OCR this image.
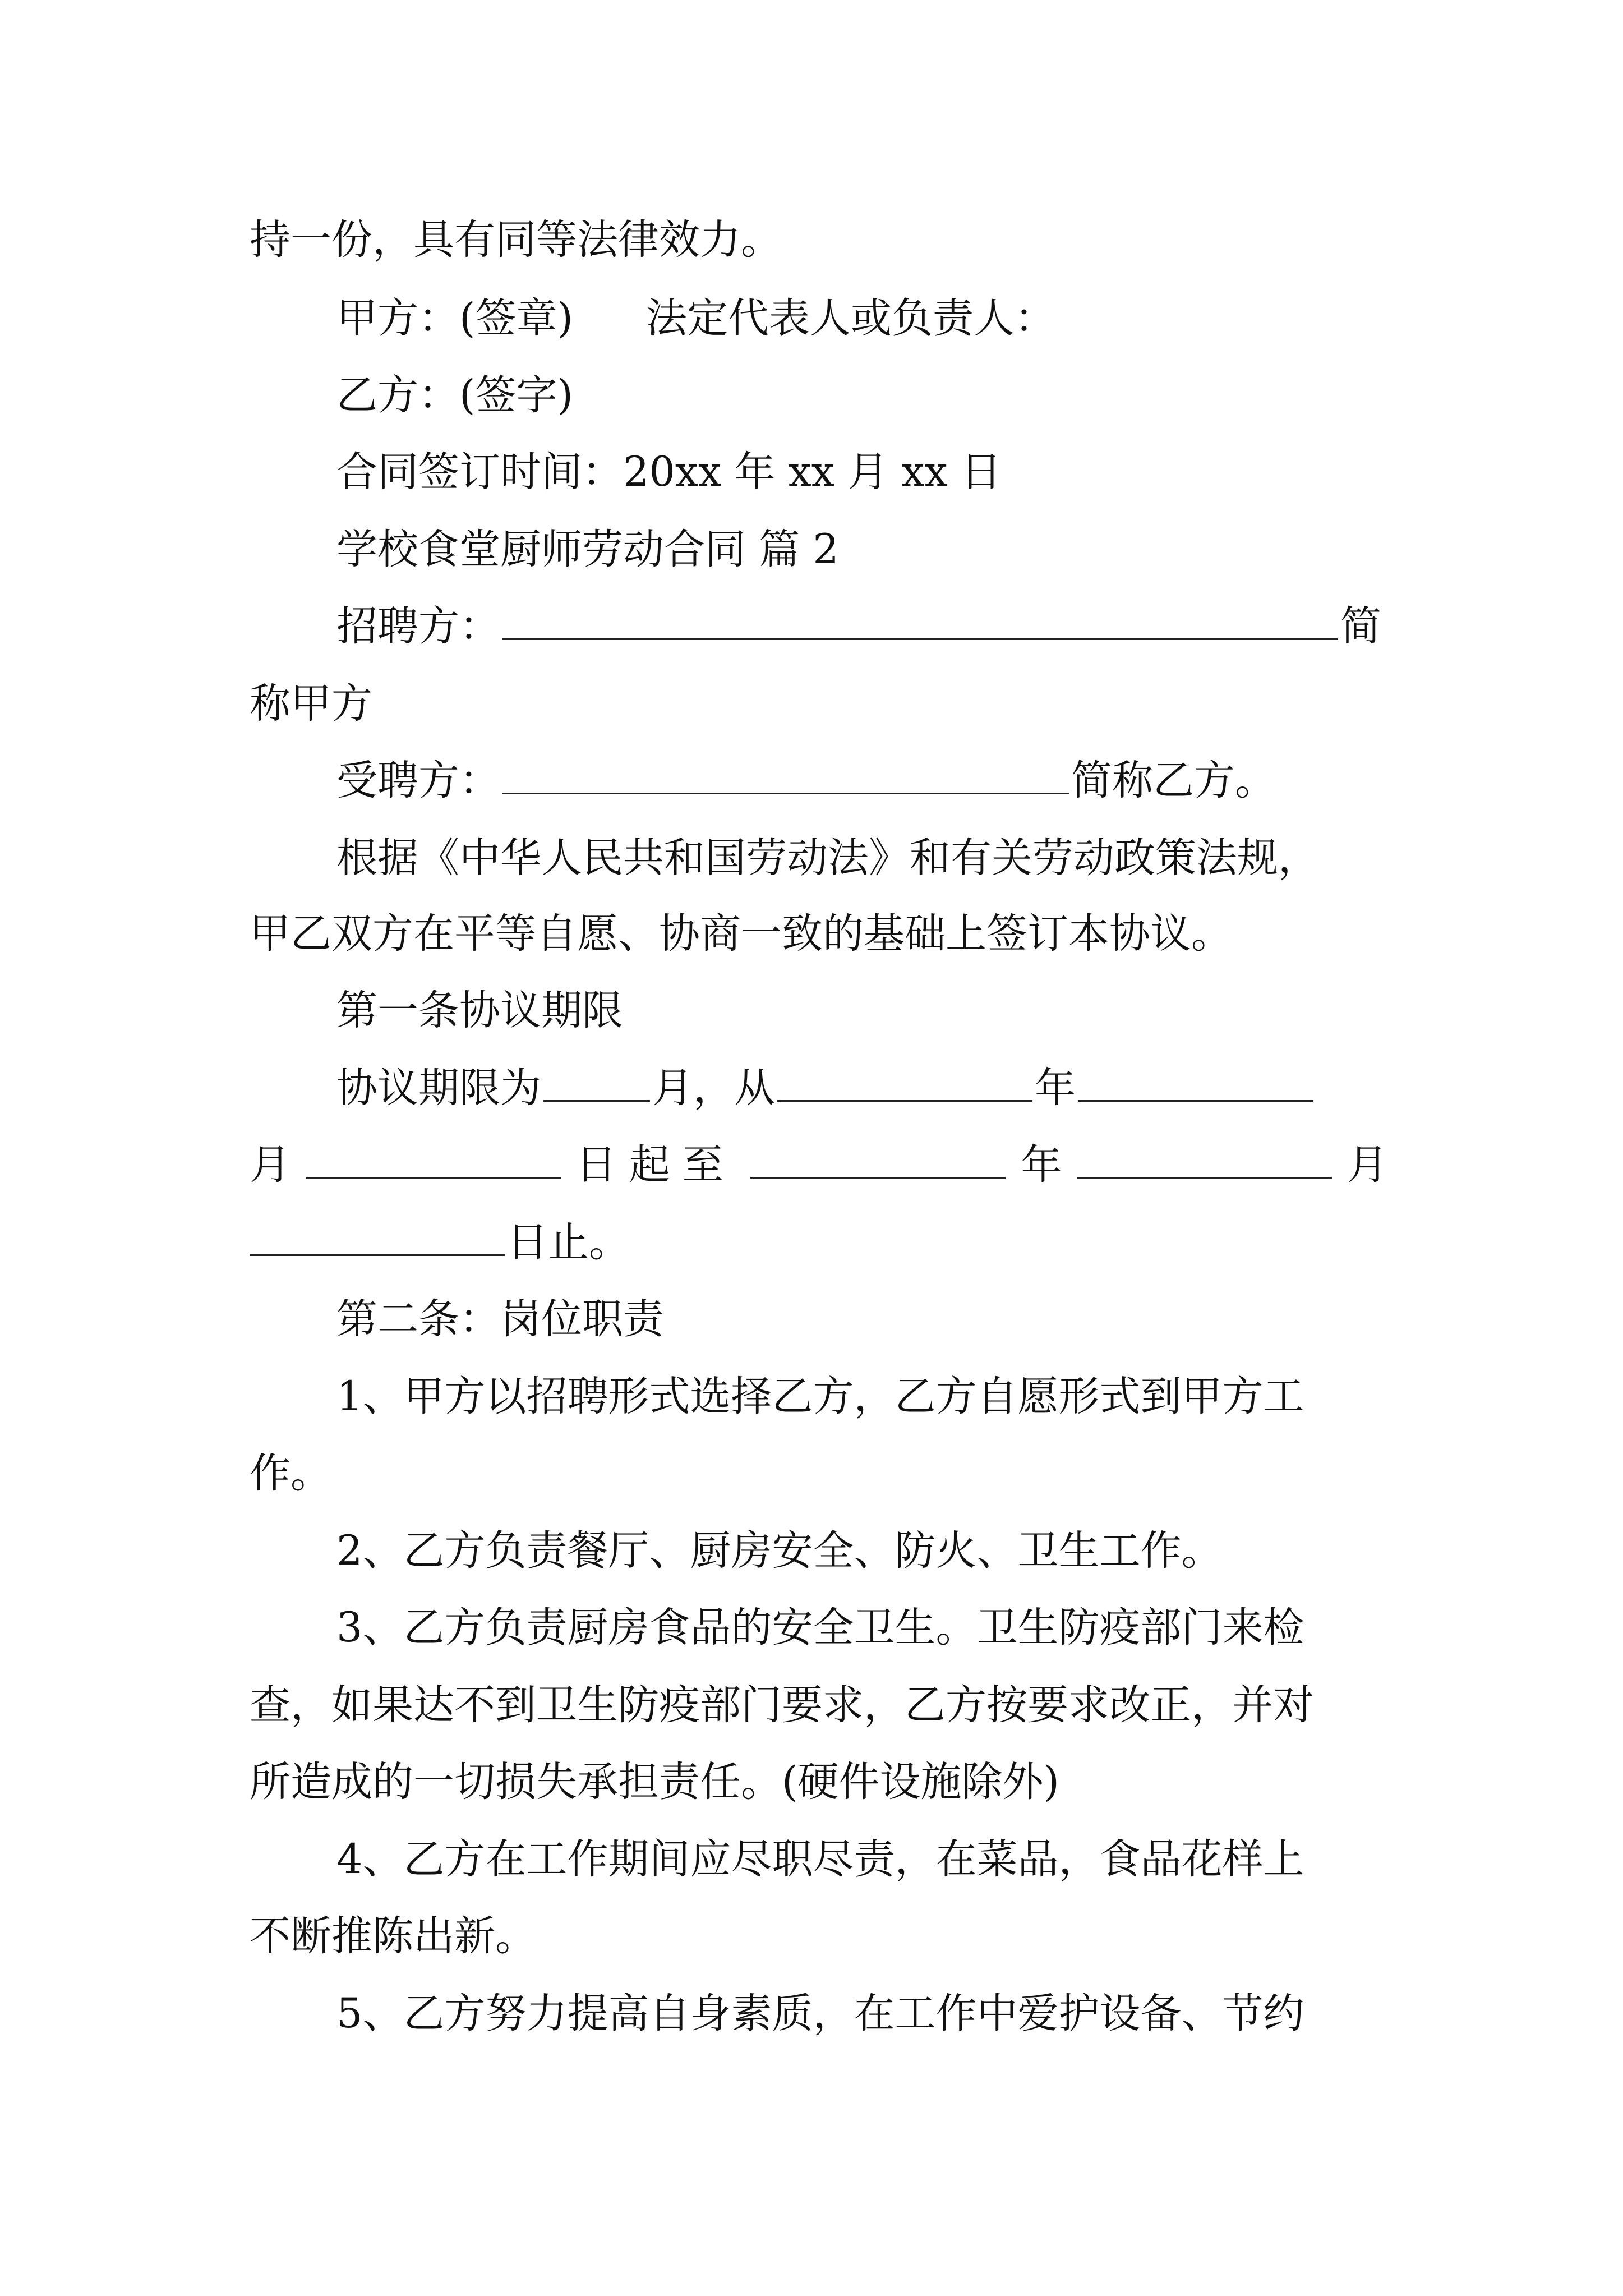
持一份，具有同等法律效力。
甲方：(签章) 法定代表人或负责人：
乙方：(签字)
合同签订时间：20xx 年 xx 月 xx 日
学校食堂厨师劳动合同 篇 2
招聘方：	简
称甲方
受聘方：	简称乙方。
根据《中华人民共和国劳动法》和有关劳动政策法规，
甲乙双方在平等自愿、协商一致的基础上签订本协议。
第一条协议期限
协议期限为	月，从	年
月	日起至	年	月
日止。
第二条：岗位职责
1、甲方以招聘形式选择乙方，乙方自愿形式到甲方工
作。
2、乙方负责餐厅、厨房安全、防火、卫生工作。
3、乙方负责厨房食品的安全卫生。卫生防疫部门来检
查，如果达不到卫生防疫部门要求，乙方按要求改正，并对
所造成的一切损失承担责任。(硬件设施除外)
4、乙方在工作期间应尽职尽责，在菜品，食品花样上
不断推陈出新。
5、乙方努力提高自身素质，在工作中爱护设备、节约
